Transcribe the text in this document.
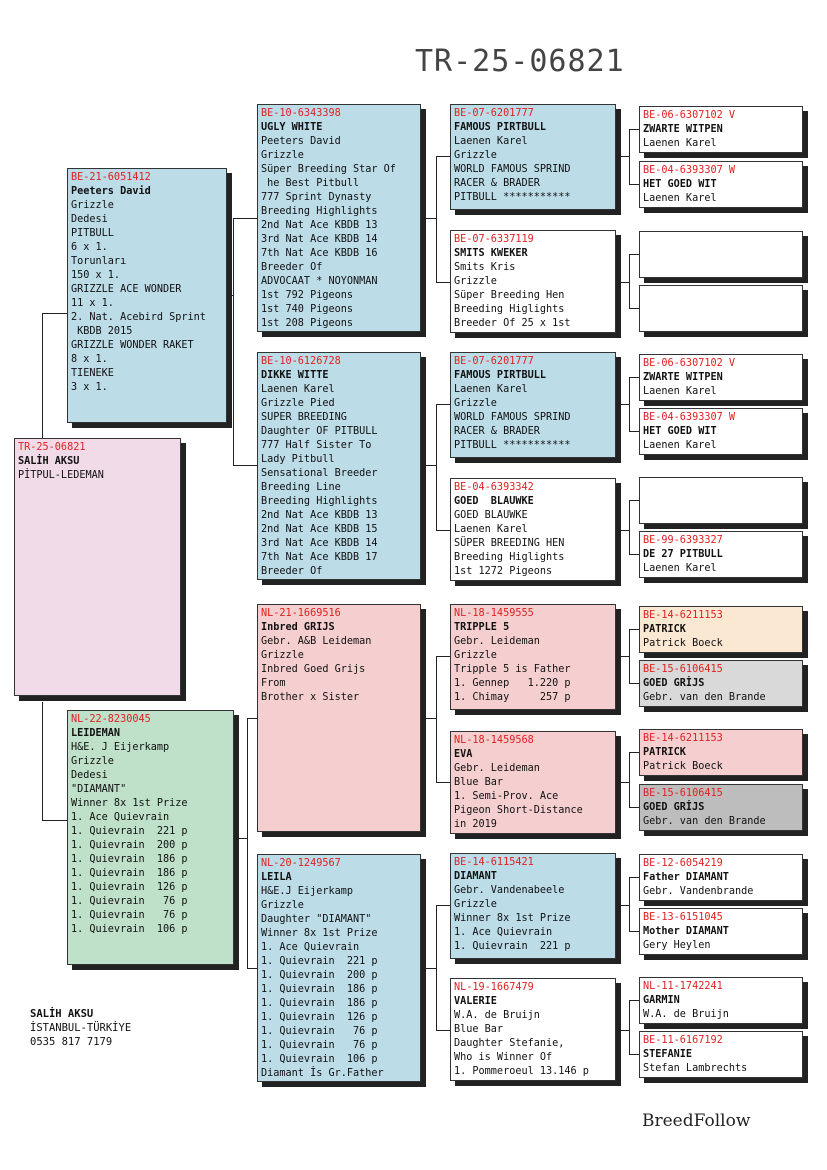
TR-25-06821
TR-25-06821
SALİH AKSU
PİTPUL-LEDEMAN
BE-21-6051412
Peeters David
Grizzle
Dedesi
PITBULL
6 x 1.
Torunları
150 x 1.
GRIZZLE ACE WONDER
11 x 1.
2. Nat. Acebird Sprint
KBDB 2015
GRIZZLE WONDER RAKET
8 x 1.
TIENEKE
3 x 1.
NL-22-8230045
LEIDEMAN
H&E. J Eijerkamp
Grizzle
Dedesi
"DIAMANT"
Winner 8x 1st Prize
1. Ace Quievrain
1. Quievrain  221 p
1. Quievrain  200 p
1. Quievrain  186 p
1. Quievrain  186 p
1. Quievrain  126 p
1. Quievrain   76 p
1. Quievrain   76 p
1. Quievrain  106 p
BE-10-6343398
UGLY WHITE
Peeters David
Grizzle
Süper Breeding Star Of
he Best Pitbull
777 Sprint Dynasty
Breeding Highlights
2nd Nat Ace KBDB 13
3rd Nat Ace KBDB 14
7th Nat Ace KBDB 16
Breeder Of
ADVOCAAT * NOYONMAN
1st 792 Pigeons
1st 740 Pigeons
1st 208 Pigeons
BE-10-6126728
DIKKE WITTE
Laenen Karel
Grizzle Pied
SUPER BREEDING
Daughter OF PITBULL
777 Half Sister To
Lady Pitbull
Sensational Breeder
Breeding Line
Breeding Highlights
2nd Nat Ace KBDB 13
2nd Nat Ace KBDB 15
3rd Nat Ace KBDB 14
7th Nat Ace KBDB 17
Breeder Of
NL-21-1669516
Inbred GRIJS
Gebr. A&B Leideman
Grizzle
Inbred Goed Grijs
From
Brother x Sister
NL-20-1249567
LEILA
H&E.J Eijerkamp
Grizzle
Daughter "DIAMANT"
Winner 8x 1st Prize
1. Ace Quievrain
1. Quievrain  221 p
1. Quievrain  200 p
1. Quievrain  186 p
1. Quievrain  186 p
1. Quievrain  126 p
1. Quievrain   76 p
1. Quievrain   76 p
1. Quievrain  106 p
Diamant İs Gr.Father
BE-07-6201777
FAMOUS PIRTBULL
Laenen Karel
Grizzle
WORLD FAMOUS SPRIND
RACER & BRADER
PITBULL ***********
BE-07-6337119
SMITS KWEKER
Smits Kris
Grizzle
Süper Breeding Hen
Breeding Higlights
Breeder Of 25 x 1st
BE-07-6201777
FAMOUS PIRTBULL
Laenen Karel
Grizzle
WORLD FAMOUS SPRIND
RACER & BRADER
PITBULL ***********
BE-04-6393342
GOED  BLAUWKE
GOED BLAUWKE
Laenen Karel
SÜPER BREEDING HEN
Breeding Higlights
1st 1272 Pigeons
NL-18-1459555
TRIPPLE 5
Gebr. Leideman
Grizzle
Tripple 5 is Father
1. Gennep   1.220 p
1. Chimay     257 p
NL-18-1459568
EVA
Gebr. Leideman
Blue Bar
1. Semi-Prov. Ace
Pigeon Short-Distance
in 2019
BE-14-6115421
DIAMANT
Gebr. Vandenabeele
Grizzle
Winner 8x 1st Prize
1. Ace Quievrain
1. Quievrain  221 p
NL-19-1667479
VALERIE
W.A. de Bruijn
Blue Bar
Daughter Stefanie,
Who is Winner Of
1. Pommeroeul 13.146 p
BE-06-6307102 V
ZWARTE WITPEN
Laenen Karel
BE-04-6393307 W
HET GOED WIT
Laenen Karel
BE-06-6307102 V
ZWARTE WITPEN
Laenen Karel
BE-04-6393307 W
HET GOED WIT
Laenen Karel
BE-99-6393327
DE 27 PITBULL
Laenen Karel
BE-14-6211153
PATRICK
Patrick Boeck
BE-15-6106415
GOED GRİJS
Gebr. van den Brande
BE-14-6211153
PATRICK
Patrick Boeck
BE-15-6106415
GOED GRİJS
Gebr. van den Brande
BE-12-6054219
Father DIAMANT
Gebr. Vandenbrande
BE-13-6151045
Mother DIAMANT
Gery Heylen
NL-11-1742241
GARMIN
W.A. de Bruijn
BE-11-6167192
STEFANIE
Stefan Lambrechts
SALİH AKSU
İSTANBUL-TÜRKİYE
0535 817 7179
BreedFollow
